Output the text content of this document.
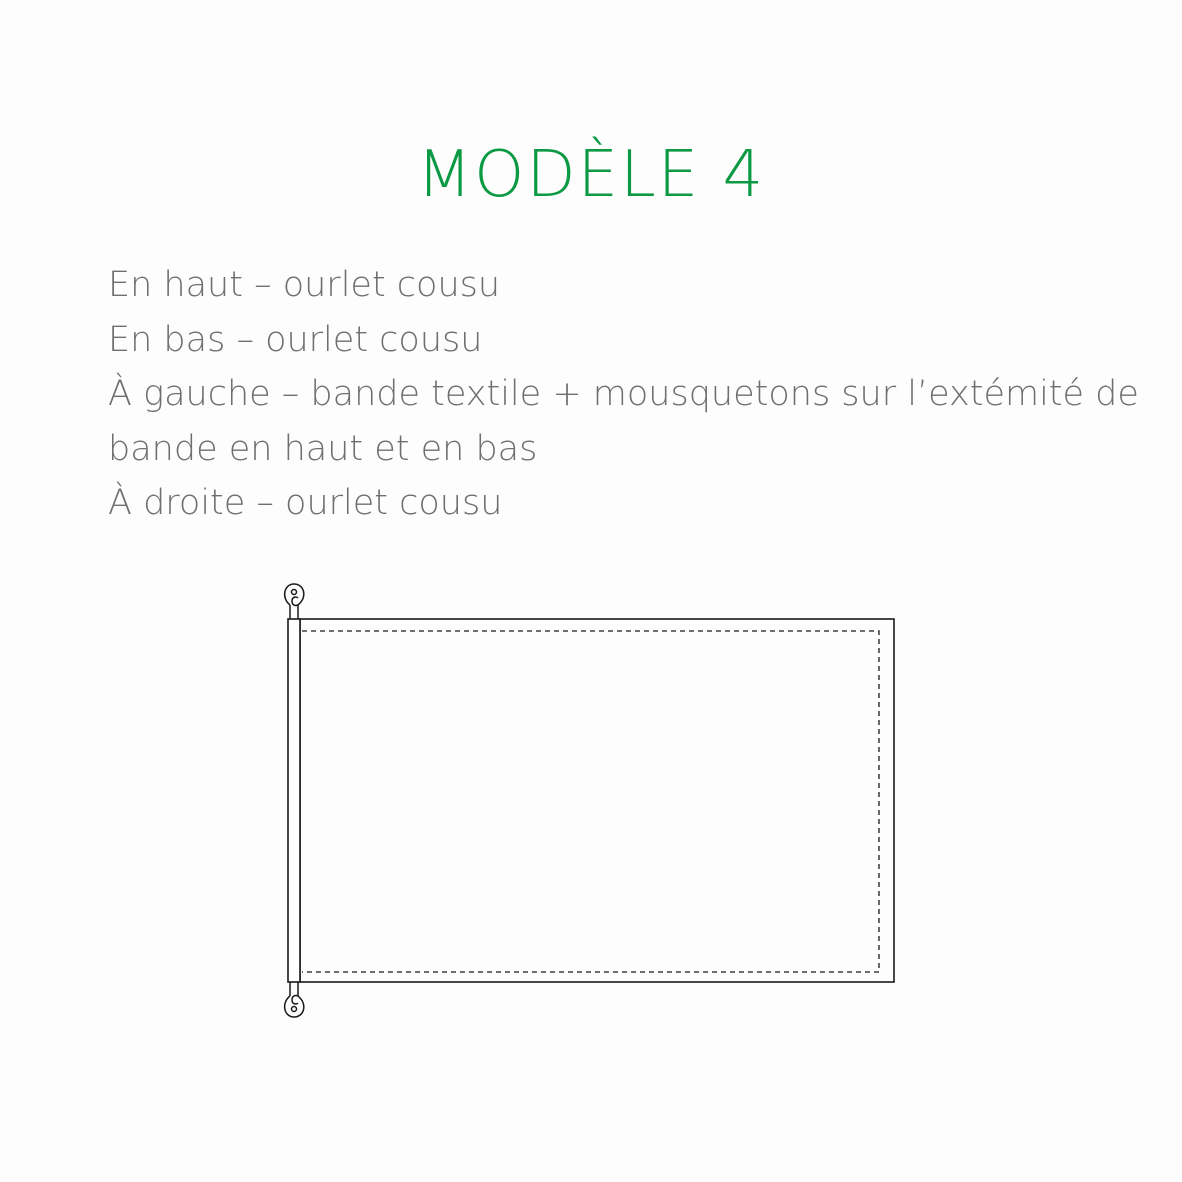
MODÈLE 4
En haut – ourlet cousu
En bas – ourlet cousu
À gauche – bande textile + mousquetons sur l’extémité de
bande en haut et en bas
À droite – ourlet cousu
